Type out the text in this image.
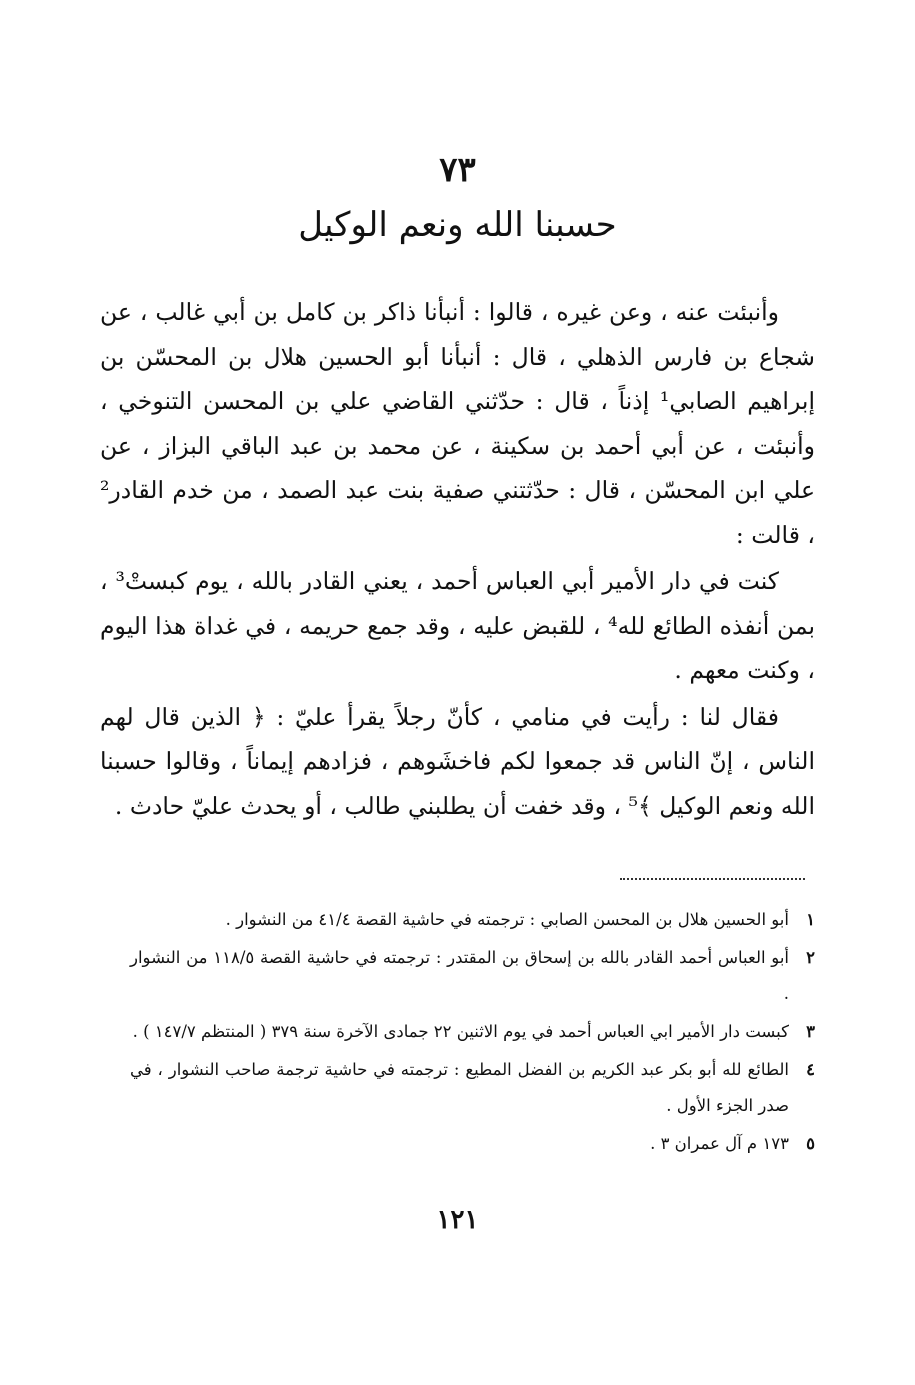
٧٣
حسبنا الله ونعم الوكيل

وأنبئت عنه ، وعن غيره ، قالوا : أنبأنا ذاكر بن كامل بن أبي غالب ، عن شجاع بن فارس الذهلي ، قال : أنبأنا أبو الحسين هلال بن المحسّن بن إبراهيم الصابي¹ إذناً ، قال : حدّثني القاضي علي بن المحسن التنوخي ، وأنبئت ، عن أبي أحمد بن سكينة ، عن محمد بن عبد الباقي البزاز ، عن علي ابن المحسّن ، قال : حدّثتني صفية بنت عبد الصمد ، من خدم القادر² ، قالت :

كنت في دار الأمير أبي العباس أحمد ، يعني القادر بالله ، يوم كبستْ³ ، بمن أنفذه الطائع لله⁴ ، للقبض عليه ، وقد جمع حريمه ، في غداة هذا اليوم ، وكنت معهم .

فقال لنا : رأيت في منامي ، كأنّ رجلاً يقرأ عليّ : ﴿ الذين قال لهم الناس ، إنّ الناس قد جمعوا لكم فاخشَوهم ، فزادهم إيماناً ، وقالوا حسبنا الله ونعم الوكيل ﴾⁵ ، وقد خفت أن يطلبني طالب ، أو يحدث عليّ حادث .

١
أبو الحسين هلال بن المحسن الصابي : ترجمته في حاشية القصة ٤١/٤ من النشوار .
٢
أبو العباس أحمد القادر بالله بن إسحاق بن المقتدر : ترجمته في حاشية القصة ١١٨/٥ من النشوار .
٣
كبست دار الأمير ابي العباس أحمد في يوم الاثنين ٢٢ جمادى الآخرة سنة ٣٧٩ ( المنتظم ١٤٧/٧ ) .
٤
الطائع لله أبو بكر عبد الكريم بن الفضل المطيع : ترجمته في حاشية ترجمة صاحب النشوار ، في صدر الجزء الأول .
٥
١٧٣ م آل عمران ٣ .
١٢١
